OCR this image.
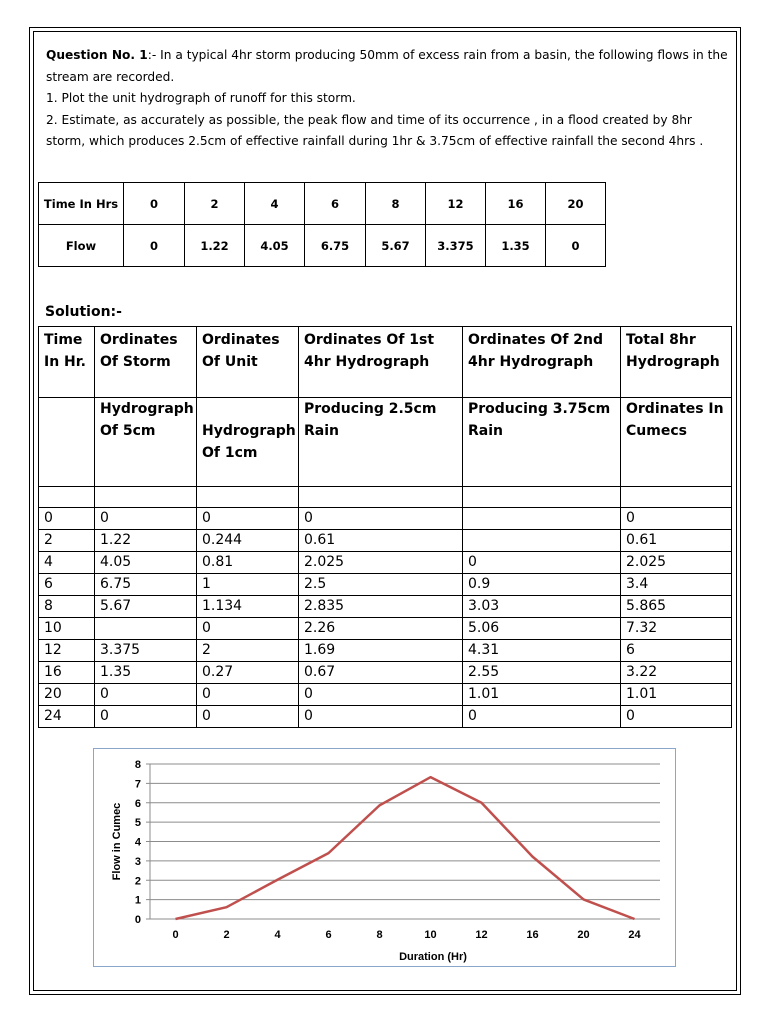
Question No. 1:- In a typical 4hr storm producing 50mm of excess rain from a basin, the following flows in the stream are recorded.
1. Plot the unit hydrograph of runoff for this storm.
2. Estimate, as accurately as possible, the peak flow and time of its occurrence , in a flood created by 8hr storm, which produces 2.5cm of effective rainfall during 1hr & 3.75cm of effective rainfall the second 4hrs .
Time In Hrs	0	2	4	6	8	12	16	20
Flow	0	1.22	4.05	6.75	5.67	3.375	1.35	0
Solution:-
Time In Hr.	Ordinates Of Storm	Ordinates Of Unit	Ordinates Of 1st 4hr Hydrograph	Ordinates Of 2nd 4hr Hydrograph	Total 8hr Hydrograph
	Hydrograph Of 5cm	Hydrograph Of 1cm	Producing 2.5cm Rain	Producing 3.75cm Rain	Ordinates In Cumecs

0	0	0	0		0
2	1.22	0.244	0.61		0.61
4	4.05	0.81	2.025	0	2.025
6	6.75	1	2.5	0.9	3.4
8	5.67	1.134	2.835	3.03	5.865
10		0	2.26	5.06	7.32
12	3.375	2	1.69	4.31	6
16	1.35	0.27	0.67	2.55	3.22
20	0	0	0	1.01	1.01
24	0	0	0	0	0
0
1
2
3
4
5
6
7
8
0	2	4	6	8	10	12	16	20	24
Duration (Hr)
Flow in Cumec
